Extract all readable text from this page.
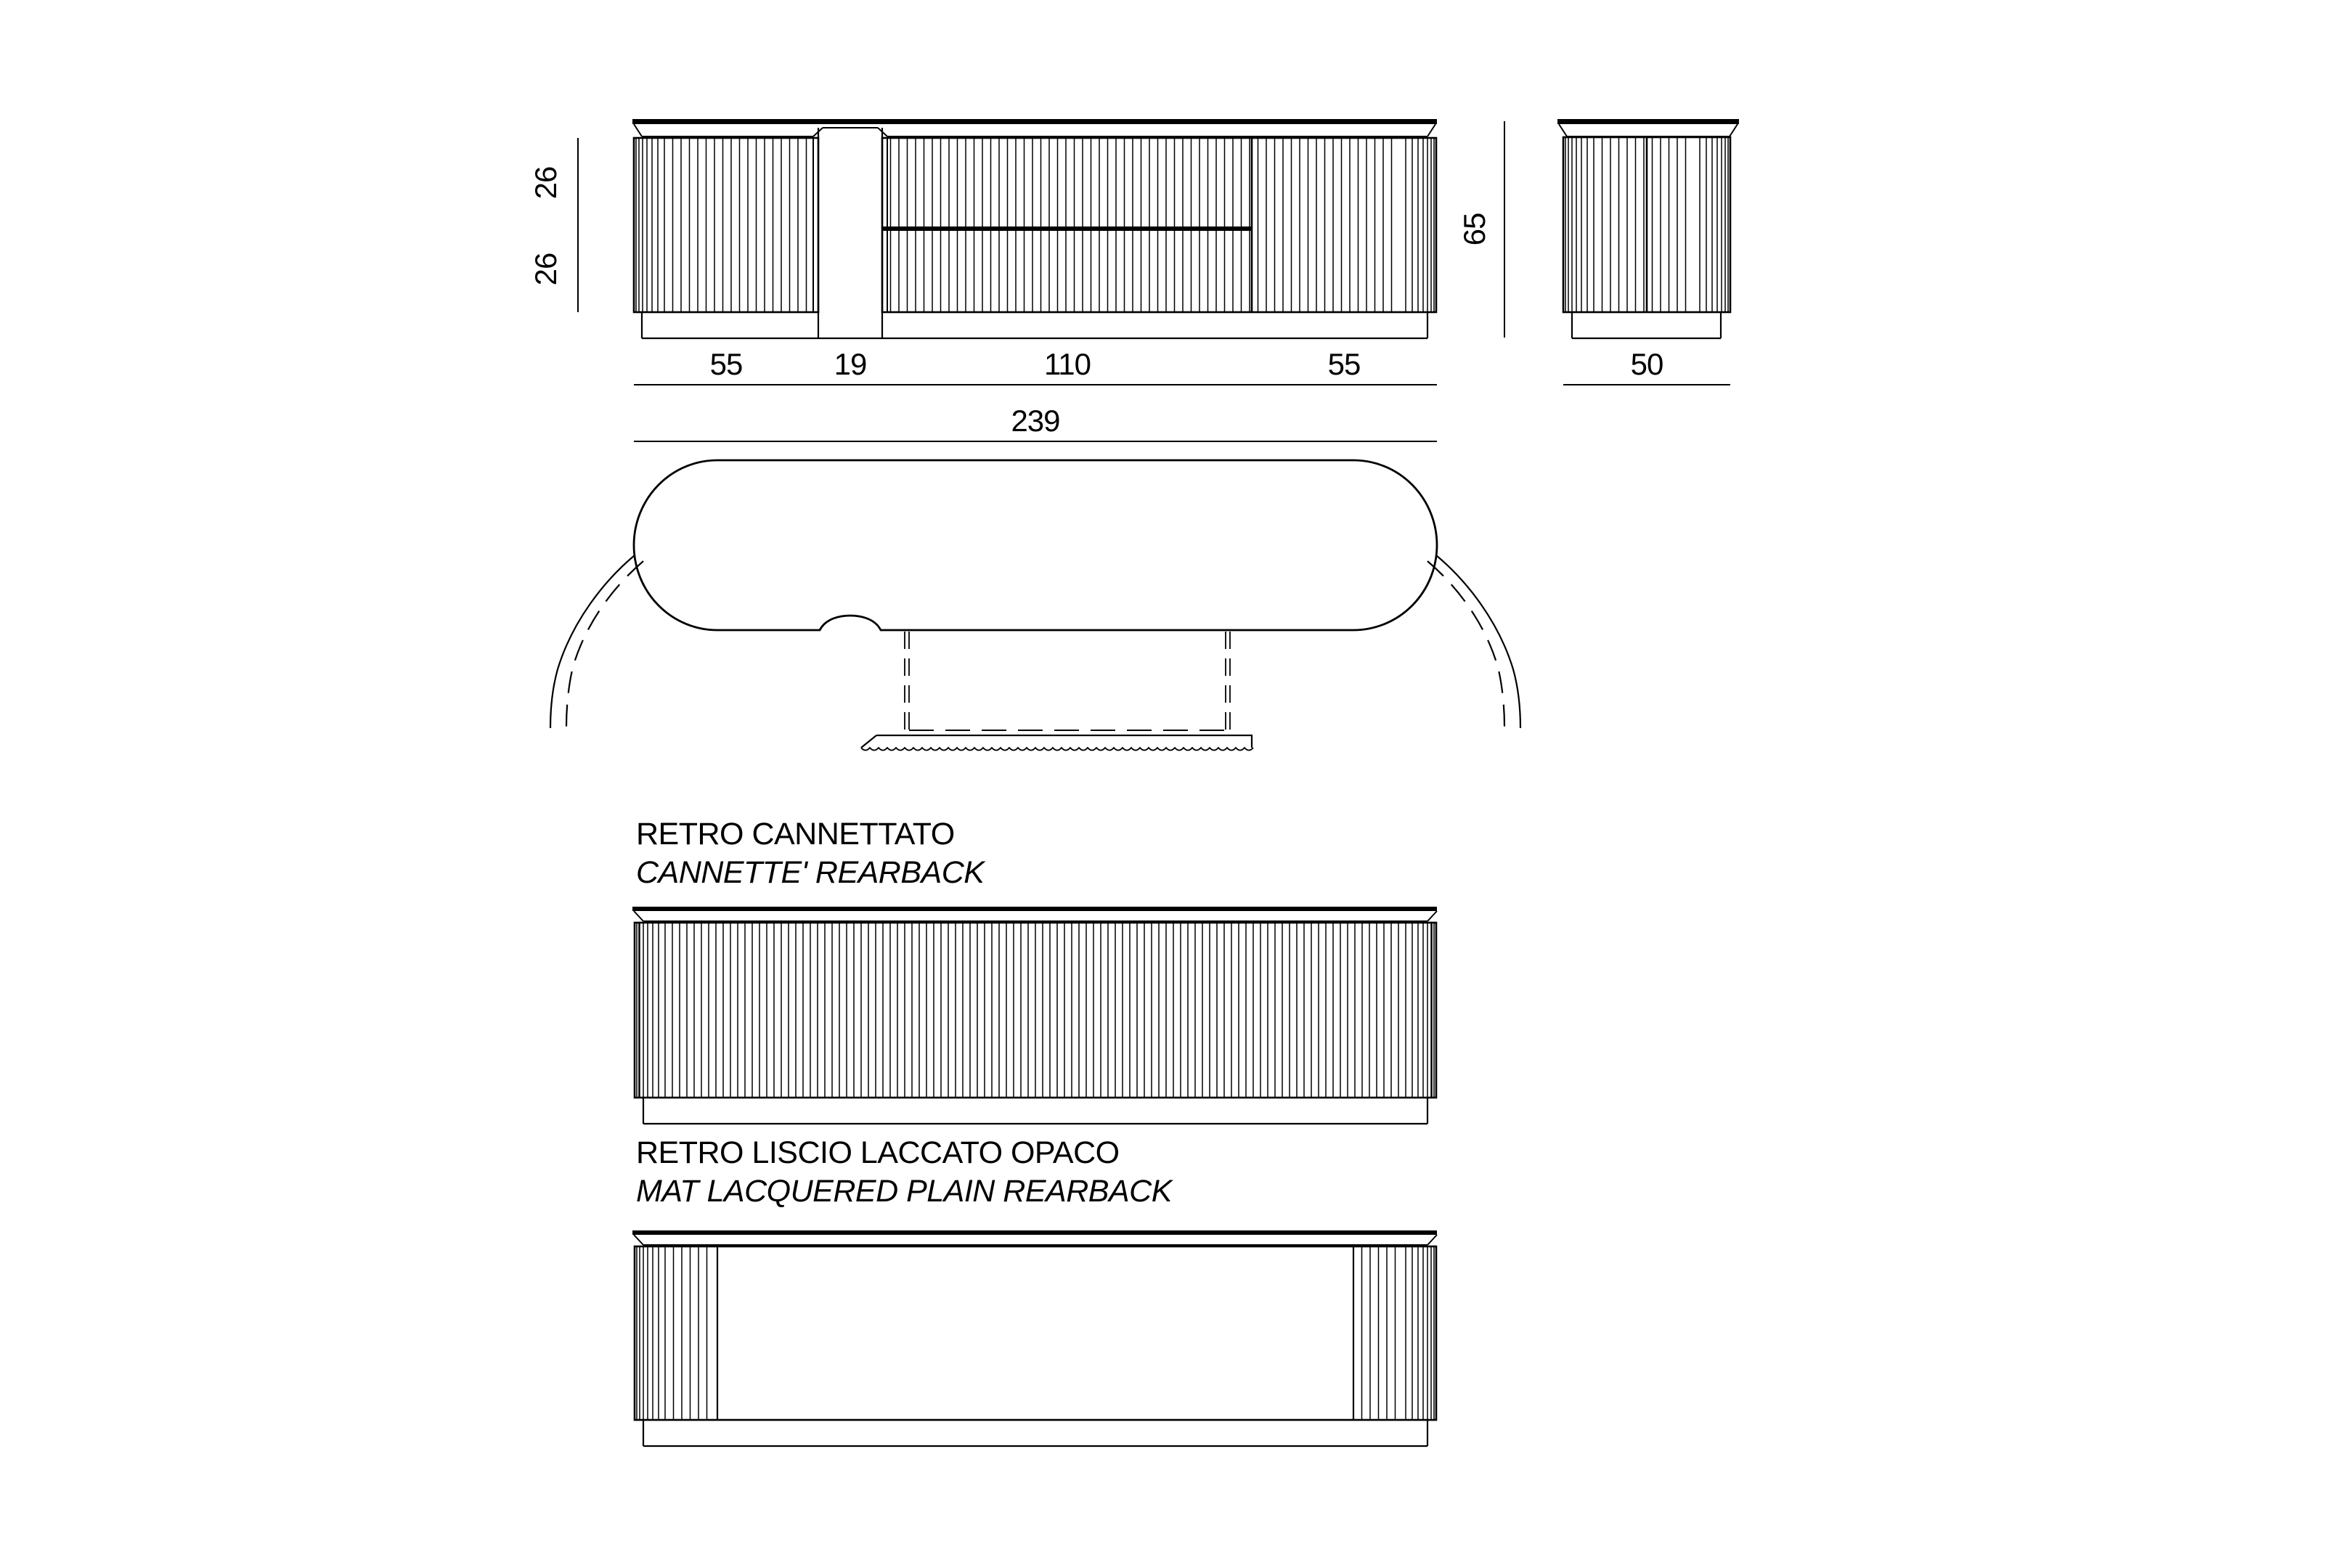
26
26
55	19	110	55
239
65
50
RETRO CANNETTATO
CANNETTE' REARBACK
RETRO LISCIO LACCATO OPACO
MAT LACQUERED PLAIN REARBACK
